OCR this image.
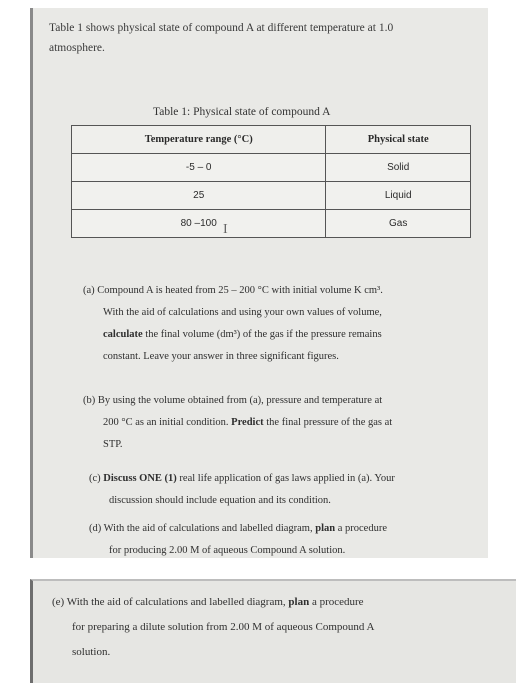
Table 1 shows physical state of compound A at different temperature at 1.0
atmosphere.
Table 1: Physical state of compound A
Temperature range (°C)	Physical state
-5 – 0	Solid
25	Liquid
80 –100	Gas
I
(a) Compound A is heated from 25 – 200 °C with initial volume K cm³.
With the aid of calculations and using your own values of volume,
calculate the final volume (dm³) of the gas if the pressure remains
constant. Leave your answer in three significant figures.
(b) By using the volume obtained from (a), pressure and temperature at
200 °C as an initial condition. Predict the final pressure of the gas at
STP.
(c) Discuss ONE (1) real life application of gas laws applied in (a). Your
discussion should include equation and its condition.
(d) With the aid of calculations and labelled diagram, plan a procedure
for producing 2.00 M of aqueous Compound A solution.
(e) With the aid of calculations and labelled diagram, plan a procedure
for preparing a dilute solution from 2.00 M of aqueous Compound A
solution.
